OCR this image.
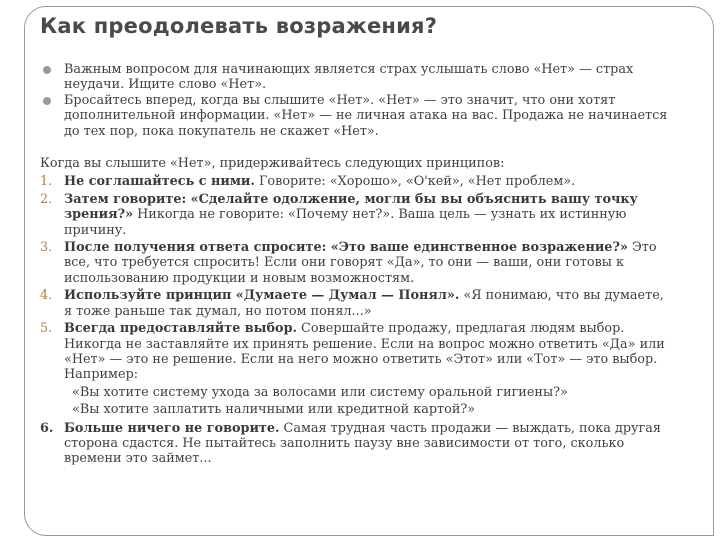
Как преодолевать возражения?
Важным вопросом для начинающих является страх услышать слово «Нет» — страх неудачи. Ищите слово «Нет».
Бросайтесь вперед, когда вы слышите «Нет». «Нет» — это значит, что они хотят дополнительной информации. «Нет» — не личная атака на вас. Продажа не начинается до тех пор, пока покупатель не скажет «Нет».
Когда вы слышите «Нет», придерживайтесь следующих принципов:
1. Не соглашайтесь с ними. Говорите: «Хорошо», «О'кей», «Нет проблем».
2. Затем говорите: «Сделайте одолжение, могли бы вы объяснить вашу точку зрения?» Никогда не говорите: «Почему нет?». Ваша цель — узнать их истинную причину.
3. После получения ответа спросите: «Это ваше единственное возражение?» Это все, что требуется спросить! Если они говорят «Да», то они — ваши, они готовы к использованию продукции и новым возможностям.
4. Используйте принцип «Думаете — Думал — Понял». «Я понимаю, что вы думаете, я тоже раньше так думал, но потом понял...»
5. Всегда предоставляйте выбор. Совершайте продажу, предлагая людям выбор. Никогда не заставляйте их принять решение. Если на вопрос можно ответить «Да» или «Нет» — это не решение. Если на него можно ответить «Этот» или «Тот» — это выбор. Например:
«Вы хотите систему ухода за волосами или систему оральной гигиены?»
«Вы хотите заплатить наличными или кредитной картой?»
6. Больше ничего не говорите. Самая трудная часть продажи — выждать, пока другая сторона сдастся. Не пытайтесь заполнить паузу вне зависимости от того, сколько времени это займет...
